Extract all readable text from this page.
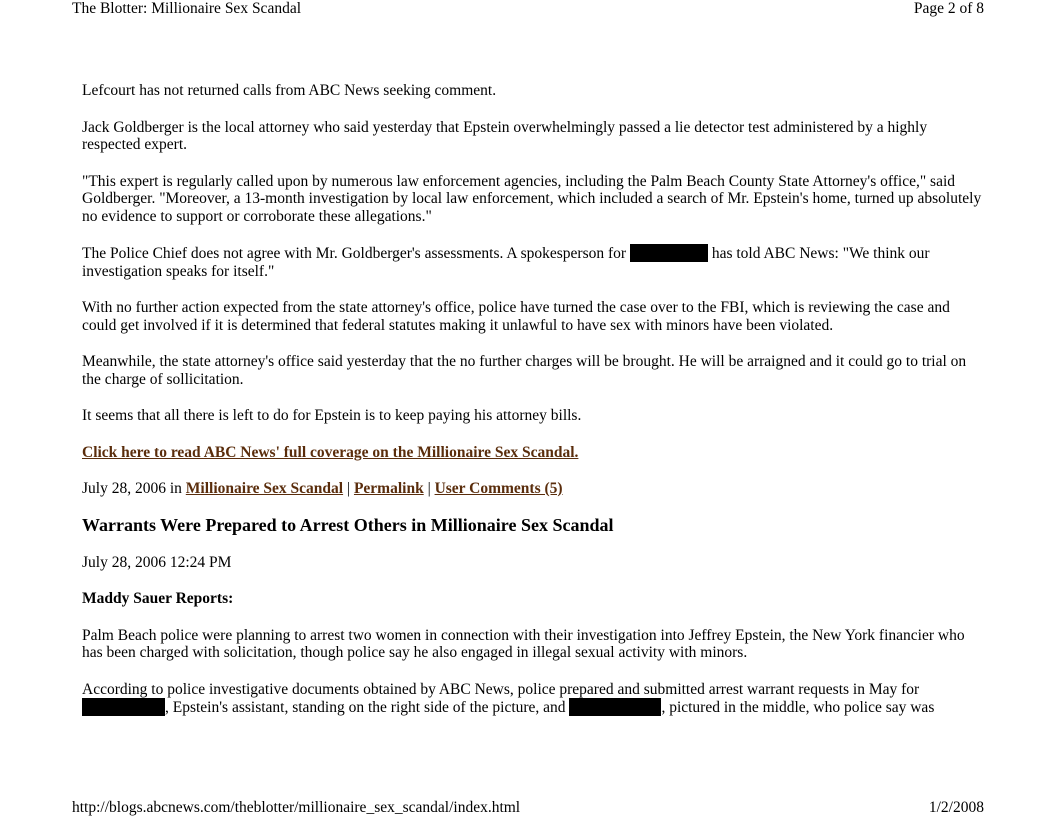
The Blotter: Millionaire Sex Scandal	Page 2 of 8

Lefcourt has not returned calls from ABC News seeking comment.

Jack Goldberger is the local attorney who said yesterday that Epstein overwhelmingly passed a lie detector test administered by a highly respected expert.

"This expert is regularly called upon by numerous law enforcement agencies, including the Palm Beach County State Attorney's office," said Goldberger. "Moreover, a 13-month investigation by local law enforcement, which included a search of Mr. Epstein's home, turned up absolutely no evidence to support or corroborate these allegations."

The Police Chief does not agree with Mr. Goldberger's assessments. A spokesperson for	has told ABC News: "We think our investigation speaks for itself."

With no further action expected from the state attorney's office, police have turned the case over to the FBI, which is reviewing the case and could get involved if it is determined that federal statutes making it unlawful to have sex with minors have been violated.

Meanwhile, the state attorney's office said yesterday that the no further charges will be brought. He will be arraigned and it could go to trial on the charge of sollicitation.

It seems that all there is left to do for Epstein is to keep paying his attorney bills.

Click here to read ABC News' full coverage on the Millionaire Sex Scandal.

July 28, 2006 in Millionaire Sex Scandal | Permalink | User Comments (5)

Warrants Were Prepared to Arrest Others in Millionaire Sex Scandal

July 28, 2006 12:24 PM

Maddy Sauer Reports:

Palm Beach police were planning to arrest two women in connection with their investigation into Jeffrey Epstein, the New York financier who has been charged with solicitation, though police say he also engaged in illegal sexual activity with minors.

According to police investigative documents obtained by ABC News, police prepared and submitted arrest warrant requests in May for
, Epstein's assistant, standing on the right side of the picture, and	, pictured in the middle, who police say was

http://blogs.abcnews.com/theblotter/millionaire_sex_scandal/index.html	1/2/2008
